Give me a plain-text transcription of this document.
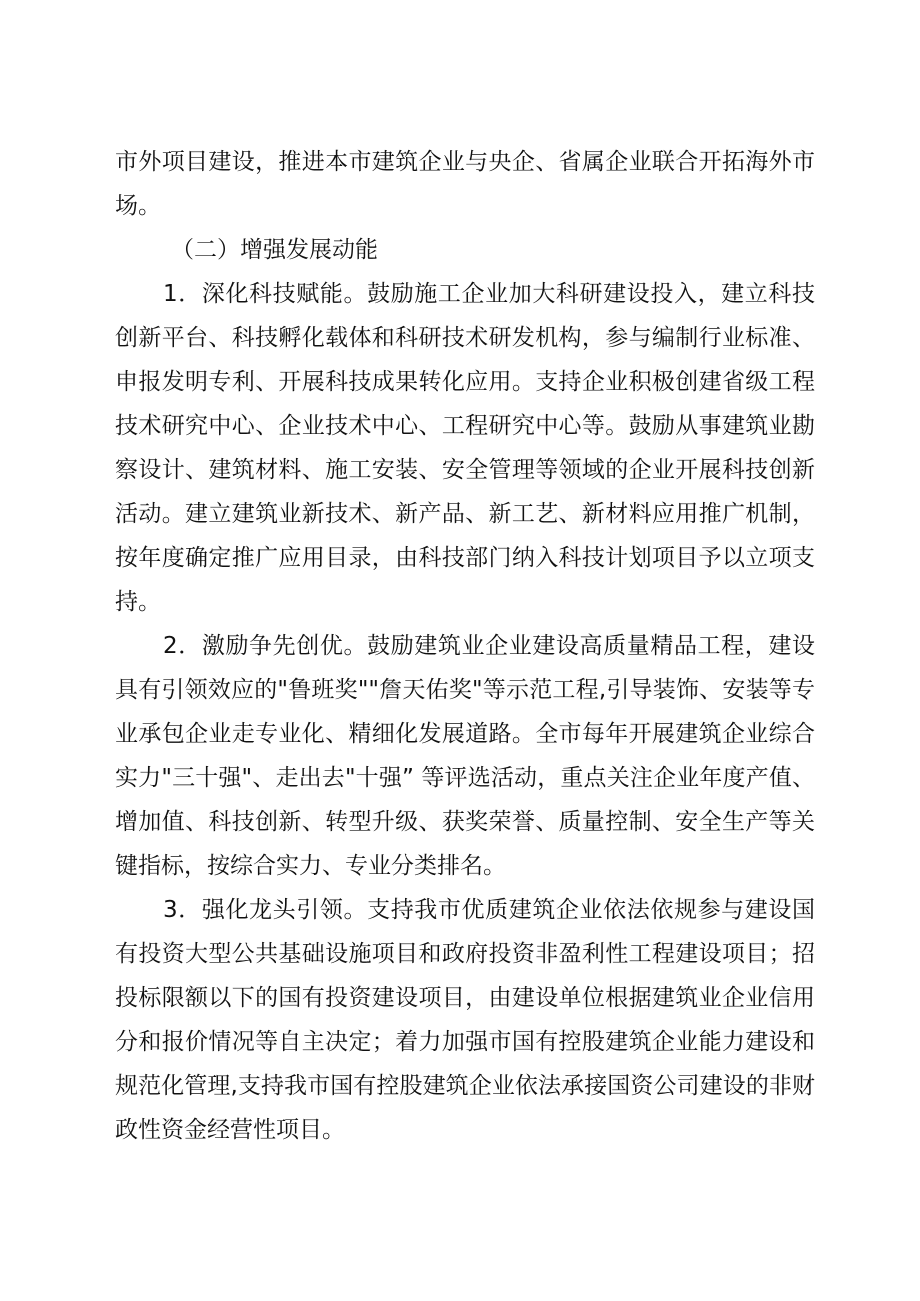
市外项目建设，推进本市建筑企业与央企、省属企业联合开拓海外市场。

（二）增强发展动能

1．深化科技赋能。鼓励施工企业加大科研建设投入，建立科技创新平台、科技孵化载体和科研技术研发机构，参与编制行业标准、申报发明专利、开展科技成果转化应用。支持企业积极创建省级工程技术研究中心、企业技术中心、工程研究中心等。鼓励从事建筑业勘察设计、建筑材料、施工安装、安全管理等领域的企业开展科技创新活动。建立建筑业新技术、新产品、新工艺、新材料应用推广机制，按年度确定推广应用目录，由科技部门纳入科技计划项目予以立项支持。

2．激励争先创优。鼓励建筑业企业建设高质量精品工程，建设具有引领效应的"鲁班奖""詹天佑奖"等示范工程,引导装饰、安装等专业承包企业走专业化、精细化发展道路。全市每年开展建筑企业综合实力"三十强"、走出去"十强” 等评选活动，重点关注企业年度产值、增加值、科技创新、转型升级、获奖荣誉、质量控制、安全生产等关键指标，按综合实力、专业分类排名。

3．强化龙头引领。支持我市优质建筑企业依法依规参与建设国有投资大型公共基础设施项目和政府投资非盈利性工程建设项目；招投标限额以下的国有投资建设项目，由建设单位根据建筑业企业信用分和报价情况等自主决定；着力加强市国有控股建筑企业能力建设和规范化管理,支持我市国有控股建筑企业依法承接国资公司建设的非财政性资金经营性项目。
